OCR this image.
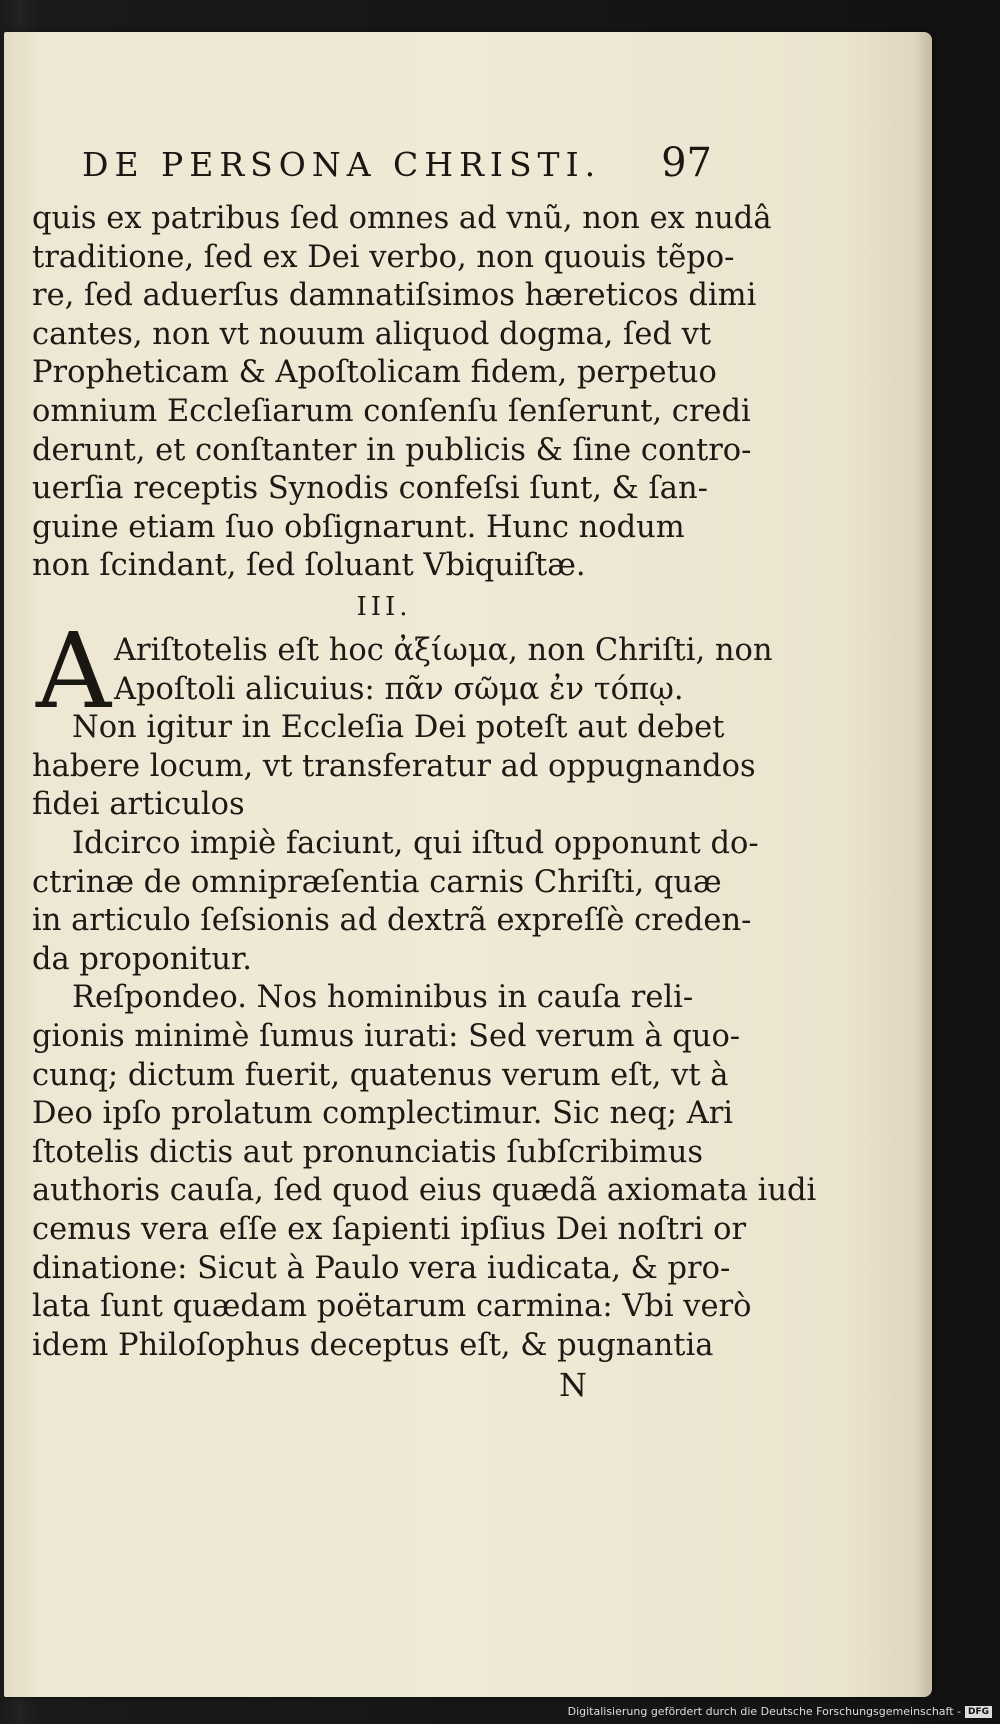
DE PERSONA CHRISTI. 97
quis ex patribus ſed omnes ad vnũ, non ex nudâ
traditione, ſed ex Dei verbo, non quouis tẽpo-
re, ſed aduerſus damnatiſsimos hæreticos dimi
cantes, non vt nouum aliquod dogma, ſed vt
Propheticam & Apoſtolicam fidem, perpetuo
omnium Eccleſiarum conſenſu ſenſerunt, credi
derunt, et conſtanter in publicis & ſine contro-
uerſia receptis Synodis confeſsi ſunt, & ſan-
guine etiam ſuo obſignarunt. Hunc nodum
non ſcindant, ſed ſoluant Vbiquiſtæ.
III.
A Ariſtotelis eſt hoc ἀξίωμα, non Chriſti, non
Apoſtoli alicuius: πᾶν σῶμα ἐν τόπῳ.
Non igitur in Eccleſia Dei poteſt aut debet
habere locum, vt transferatur ad oppugnandos
fidei articulos
Idcirco impiè faciunt, qui iſtud opponunt do-
ctrinæ de omnipræſentia carnis Chriſti, quæ
in articulo ſeſsionis ad dextrã expreſſè creden-
da proponitur.
Reſpondeo. Nos hominibus in cauſa reli-
gionis minimè ſumus iurati: Sed verum à quo-
cunq; dictum fuerit, quatenus verum eſt, vt à
Deo ipſo prolatum complectimur. Sic neq; Ari
ſtotelis dictis aut pronunciatis ſubſcribimus
authoris cauſa, ſed quod eius quædã axiomata iudi
cemus vera eſſe ex ſapienti ipſius Dei noſtri or
dinatione: Sicut à Paulo vera iudicata, & pro-
lata ſunt quædam poëtarum carmina: Vbi verò
idem Philoſophus deceptus eſt, & pugnantia
N
Digitalisierung gefördert durch die Deutsche Forschungsgemeinschaft - DFG
